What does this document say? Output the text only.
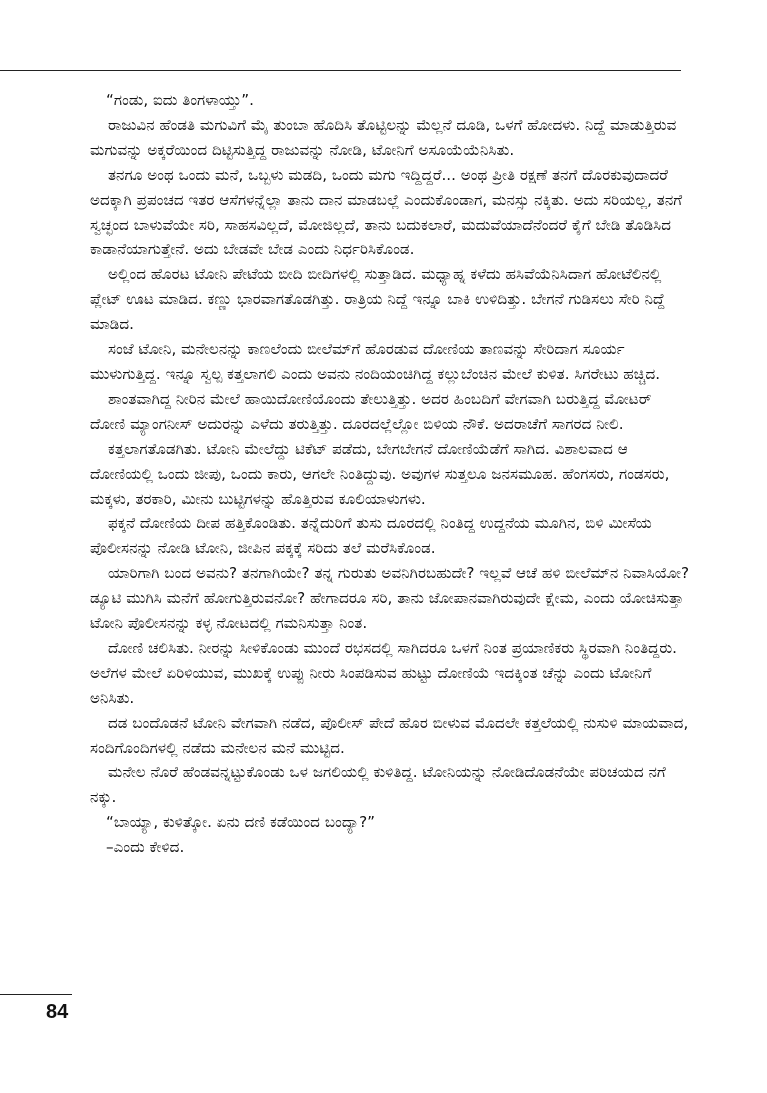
“ಗಂಡು, ಐದು ತಿಂಗಳಾಯ್ತು”.

ರಾಜುವಿನ ಹೆಂಡತಿ ಮಗುವಿಗೆ ಮೈ ತುಂಬಾ ಹೊದಿಸಿ ತೊಟ್ಟಿಲನ್ನು ಮೆಲ್ಲನೆ ದೂಡಿ, ಒಳಗೆ ಹೋದಳು. ನಿದ್ದೆ ಮಾಡುತ್ತಿರುವ ಮಗುವನ್ನು ಅಕ್ಕರೆಯಿಂದ ದಿಟ್ಟಿಸುತ್ತಿದ್ದ ರಾಜುವನ್ನು ನೋಡಿ, ಟೋನಿಗೆ ಅಸೂಯೆಯೆನಿಸಿತು.

ತನಗೂ ಅಂಥ ಒಂದು ಮನೆ, ಒಬ್ಬಳು ಮಡದಿ, ಒಂದು ಮಗು ಇದ್ದಿದ್ದರೆ... ಅಂಥ ಪ್ರೀತಿ ರಕ್ಷಣೆ ತನಗೆ ದೊರಕುವುದಾದರೆ ಅದಕ್ಕಾಗಿ ಪ್ರಪಂಚದ ಇತರ ಆಸೆಗಳನ್ನೆಲ್ಲಾ ತಾನು ದಾನ ಮಾಡಬಲ್ಲೆ ಎಂದುಕೊಂಡಾಗ, ಮನಸ್ಸು ನಕ್ಕಿತು. ಅದು ಸರಿಯಲ್ಲ, ತನಗೆ ಸ್ವಚ್ಛಂದ ಬಾಳುವೆಯೇ ಸರಿ, ಸಾಹಸವಿಲ್ಲದೆ, ಮೋಜಿಲ್ಲದೆ, ತಾನು ಬದುಕಲಾರೆ, ಮದುವೆಯಾದೆನೆಂದರೆ ಕೈಗೆ ಬೇಡಿ ತೊಡಿಸಿದ ಕಾಡಾನೆಯಾಗುತ್ತೇನೆ. ಅದು ಬೇಡವೇ ಬೇಡ ಎಂದು ನಿರ್ಧರಿಸಿಕೊಂಡ.

ಅಲ್ಲಿಂದ ಹೊರಟ ಟೋನಿ ಪೇಟೆಯ ಬೀದಿ ಬೀದಿಗಳಲ್ಲಿ ಸುತ್ತಾಡಿದ. ಮಧ್ಯಾಹ್ನ ಕಳೆದು ಹಸಿವೆಯೆನಿಸಿದಾಗ ಹೋಟೆಲಿನಲ್ಲಿ ಪ್ಲೇಟ್ ಊಟ ಮಾಡಿದ. ಕಣ್ಣು ಭಾರವಾಗತೊಡಗಿತ್ತು. ರಾತ್ರಿಯ ನಿದ್ದೆ ಇನ್ನೂ ಬಾಕಿ ಉಳಿದಿತ್ತು. ಬೇಗನೆ ಗುಡಿಸಲು ಸೇರಿ ನಿದ್ದೆ ಮಾಡಿದ.

ಸಂಜೆ ಟೋನಿ, ಮನೇಲನನ್ನು ಕಾಣಲೆಂದು ಬೀಲೆಮ್‌ಗೆ ಹೊರಡುವ ದೋಣಿಯ ತಾಣವನ್ನು ಸೇರಿದಾಗ ಸೂರ್ಯ ಮುಳುಗುತ್ತಿದ್ದ. ಇನ್ನೂ ಸ್ವಲ್ಪ ಕತ್ತಲಾಗಲಿ ಎಂದು ಅವನು ನಂದಿಯಂಚಿಗಿದ್ದ ಕಲ್ಲುಬೆಂಚಿನ ಮೇಲೆ ಕುಳಿತ. ಸಿಗರೇಟು ಹಚ್ಚಿದ.

ಶಾಂತವಾಗಿದ್ದ ನೀರಿನ ಮೇಲೆ ಹಾಯಿದೋಣಿಯೊಂದು ತೇಲುತ್ತಿತ್ತು. ಅದರ ಹಿಂಬದಿಗೆ ವೇಗವಾಗಿ ಬರುತ್ತಿದ್ದ ಮೋಟರ್ ದೋಣಿ ಮ್ಯಾಂಗನೀಸ್ ಅದುರನ್ನು ಎಳೆದು ತರುತ್ತಿತ್ತು. ದೂರದಲ್ಲೆಲ್ಲೋ ಬಿಳಿಯ ನೌಕೆ. ಅದರಾಚೆಗೆ ಸಾಗರದ ನೀಲಿ.

ಕತ್ತಲಾಗತೊಡಗಿತು. ಟೋನಿ ಮೇಲೆದ್ದು ಟಿಕೆಟ್ ಪಡೆದು, ಬೇಗಬೇಗನೆ ದೋಣಿಯೆಡೆಗೆ ಸಾಗಿದ. ವಿಶಾಲವಾದ ಆ ದೋಣಿಯಲ್ಲಿ ಒಂದು ಜೀಪು, ಒಂದು ಕಾರು, ಆಗಲೇ ನಿಂತಿದ್ದುವು. ಅವುಗಳ ಸುತ್ತಲೂ ಜನಸಮೂಹ. ಹೆಂಗಸರು, ಗಂಡಸರು, ಮಕ್ಕಳು, ತರಕಾರಿ, ಮೀನು ಬುಟ್ಟಿಗಳನ್ನು ಹೊತ್ತಿರುವ ಕೂಲಿಯಾಳುಗಳು.

ಫಕ್ಕನೆ ದೋಣಿಯ ದೀಪ ಹತ್ತಿಕೊಂಡಿತು. ತನ್ನೆದುರಿಗೆ ತುಸು ದೂರದಲ್ಲಿ ನಿಂತಿದ್ದ ಉದ್ದನೆಯ ಮೂಗಿನ, ಬಿಳಿ ಮೀಸೆಯ ಪೊಲೀಸನನ್ನು ನೋಡಿ ಟೋನಿ, ಜೀಪಿನ ಪಕ್ಕಕ್ಕೆ ಸರಿದು ತಲೆ ಮರೆಸಿಕೊಂಡ.

ಯಾರಿಗಾಗಿ ಬಂದ ಅವನು? ತನಗಾಗಿಯೇ? ತನ್ನ ಗುರುತು ಅವನಿಗಿರಬಹುದೇ? ಇಲ್ಲವೆ ಆಚೆ ಹಳಿ ಬೀಲೆಮ್‌ನ ನಿವಾಸಿಯೋ? ಡ್ಯೂಟಿ ಮುಗಿಸಿ ಮನೆಗೆ ಹೋಗುತ್ತಿರುವನೋ? ಹೇಗಾದರೂ ಸರಿ, ತಾನು ಜೋಪಾನವಾಗಿರುವುದೇ ಕ್ಷೇಮ, ಎಂದು ಯೋಚಿಸುತ್ತಾ ಟೋನಿ ಪೊಲೀಸನನ್ನು ಕಳ್ಳ ನೋಟದಲ್ಲಿ ಗಮನಿಸುತ್ತಾ ನಿಂತ.

ದೋಣಿ ಚಲಿಸಿತು. ನೀರನ್ನು ಸೀಳಿಕೊಂಡು ಮುಂದೆ ರಭಸದಲ್ಲಿ ಸಾಗಿದರೂ ಒಳಗೆ ನಿಂತ ಪ್ರಯಾಣಿಕರು ಸ್ಥಿರವಾಗಿ ನಿಂತಿದ್ದರು. ಅಲೆಗಳ ಮೇಲೆ ಏರಿಳಿಯುವ, ಮುಖಕ್ಕೆ ಉಪ್ಪು ನೀರು ಸಿಂಪಡಿಸುವ ಹುಟ್ಟು ದೋಣಿಯೆ ಇದಕ್ಕಿಂತ ಚೆನ್ನು ಎಂದು ಟೋನಿಗೆ ಅನಿಸಿತು.

ದಡ ಬಂದೊಡನೆ ಟೋನಿ ವೇಗವಾಗಿ ನಡೆದ, ಪೊಲೀಸ್ ಪೇದೆ ಹೊರ ಬೀಳುವ ಮೊದಲೇ ಕತ್ತಲೆಯಲ್ಲಿ ನುಸುಳಿ ಮಾಯವಾದ, ಸಂದಿಗೊಂದಿಗಳಲ್ಲಿ ನಡೆದು ಮನೇಲನ ಮನೆ ಮುಟ್ಟಿದ.

ಮನೇಲ ನೊರೆ ಹೆಂಡವನ್ನಟ್ಟುಕೊಂಡು ಒಳ ಜಗಲಿಯಲ್ಲಿ ಕುಳಿತಿದ್ದ. ಟೋನಿಯನ್ನು ನೋಡಿದೊಡನೆಯೇ ಪರಿಚಯದ ನಗೆ ನಕ್ಕು.

“ಬಾಯ್ಯಾ, ಕುಳಿತ್ಕೋ. ಏನು ದಣಿ ಕಡೆಯಿಂದ ಬಂದ್ಯಾ?”

–ಎಂದು ಕೇಳಿದ.

84
